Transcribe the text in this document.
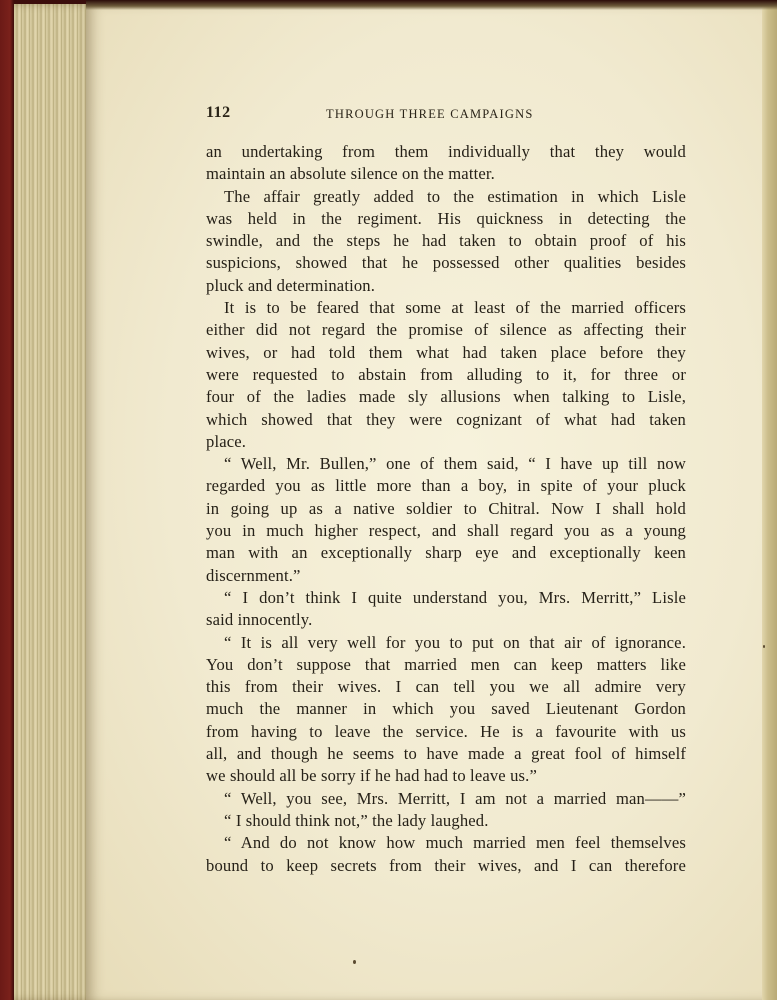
112	THROUGH THREE CAMPAIGNS
an undertaking from them individually that they would
maintain an absolute silence on the matter.
The affair greatly added to the estimation in which Lisle
was held in the regiment. His quickness in detecting the
swindle, and the steps he had taken to obtain proof of his
suspicions, showed that he possessed other qualities besides
pluck and determination.
It is to be feared that some at least of the married officers
either did not regard the promise of silence as affecting their
wives, or had told them what had taken place before they
were requested to abstain from alluding to it, for three or
four of the ladies made sly allusions when talking to Lisle,
which showed that they were cognizant of what had taken
place.
“ Well, Mr. Bullen,” one of them said, “ I have up till now
regarded you as little more than a boy, in spite of your pluck
in going up as a native soldier to Chitral. Now I shall hold
you in much higher respect, and shall regard you as a young
man with an exceptionally sharp eye and exceptionally keen
discernment.”
“ I don’t think I quite understand you, Mrs. Merritt,” Lisle
said innocently.
“ It is all very well for you to put on that air of ignorance.
You don’t suppose that married men can keep matters like
this from their wives. I can tell you we all admire very
much the manner in which you saved Lieutenant Gordon
from having to leave the service. He is a favourite with us
all, and though he seems to have made a great fool of himself
we should all be sorry if he had had to leave us.”
“ Well, you see, Mrs. Merritt, I am not a married man——”
“ I should think not,” the lady laughed.
“ And do not know how much married men feel themselves
bound to keep secrets from their wives, and I can therefore
